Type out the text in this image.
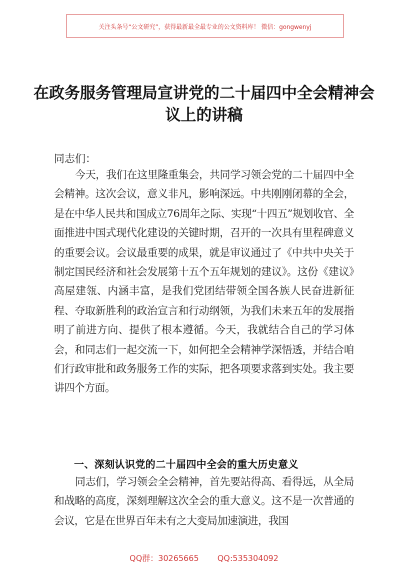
关注头条号“公文研究”，获得最新最全最专业的公文资料库！ 微信：gongwenyj
在政务服务管理局宣讲党的二十届四中全会精神会议上的讲稿

同志们：

今天，我们在这里隆重集会，共同学习领会党的二十届四中全会精神。这次会议，意义非凡，影响深远。中共刚刚闭幕的全会，是在中华人民共和国成立76周年之际、实现“十四五”规划收官、全面推进中国式现代化建设的关键时期，召开的一次具有里程碑意义的重要会议。会议最重要的成果，就是审议通过了《中共中央关于制定国民经济和社会发展第十五个五年规划的建议》。这份《建议》高屋建瓴、内涵丰富，是我们党团结带领全国各族人民奋进新征程、夺取新胜利的政治宣言和行动纲领，为我们未来五年的发展指明了前进方向、提供了根本遵循。今天，我就结合自己的学习体会，和同志们一起交流一下，如何把全会精神学深悟透，并结合咱们行政审批和政务服务工作的实际，把各项要求落到实处。我主要讲四个方面。

一、深刻认识党的二十届四中全会的重大历史意义

同志们，学习领会全会精神，首先要站得高、看得远，从全局和战略的高度，深刻理解这次全会的重大意义。这不是一次普通的会议，它是在世界百年未有之大变局加速演进，我国

QQ群：30265665 QQ:535304092
